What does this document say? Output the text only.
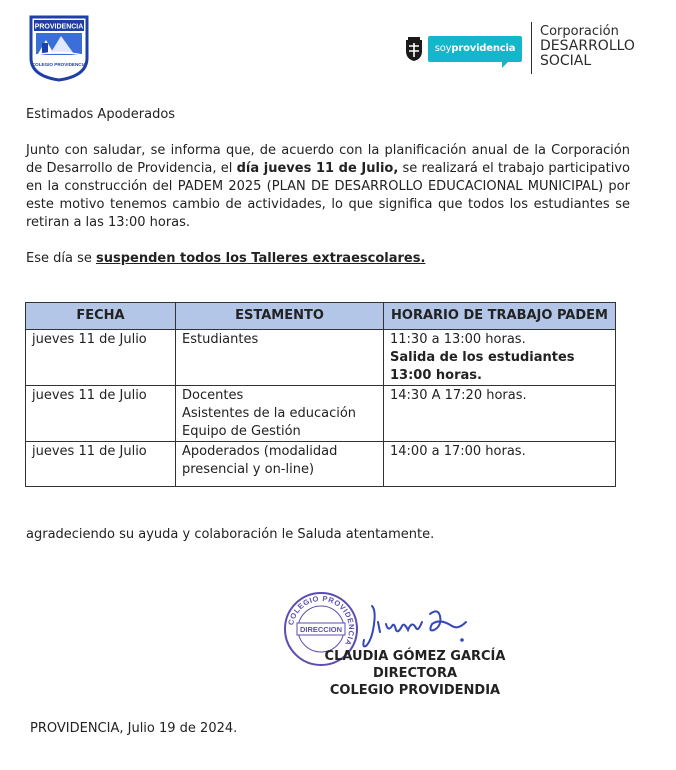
PROVIDENCIA
COLEGIO PROVIDENCIA
soyprovidencia
Corporación
DESARROLLO
SOCIAL
Estimados Apoderados
Junto con saludar, se informa que, de acuerdo con la planificación anual de la Corporación de Desarrollo de Providencia, el día jueves 11 de Julio, se realizará el trabajo participativo en la construcción del PADEM 2025 (PLAN DE DESARROLLO EDUCACIONAL MUNICIPAL) por este motivo tenemos cambio de actividades, lo que significa que todos los estudiantes se retiran a las 13:00 horas.
Ese día se suspenden todos los Talleres extraescolares.
FECHA	ESTAMENTO	HORARIO DE TRABAJO PADEM
jueves 11 de Julio	Estudiantes	11:30 a 13:00 horas.
Salida de los estudiantes 13:00 horas.

jueves 11 de Julio	Docentes
Asistentes de la educación
Equipo de Gestión	14:30 A 17:20 horas.
jueves 11 de Julio	Apoderados (modalidad
presencial y on-line)	14:00 a 17:00 horas.
agradeciendo su ayuda y colaboración le Saluda atentamente.
COLEGIO PROVIDENCIA
DIRECCION
CLAUDIA GÓMEZ GARCÍA
DIRECTORA
COLEGIO PROVIDENDIA
PROVIDENCIA, Julio 19 de 2024.
